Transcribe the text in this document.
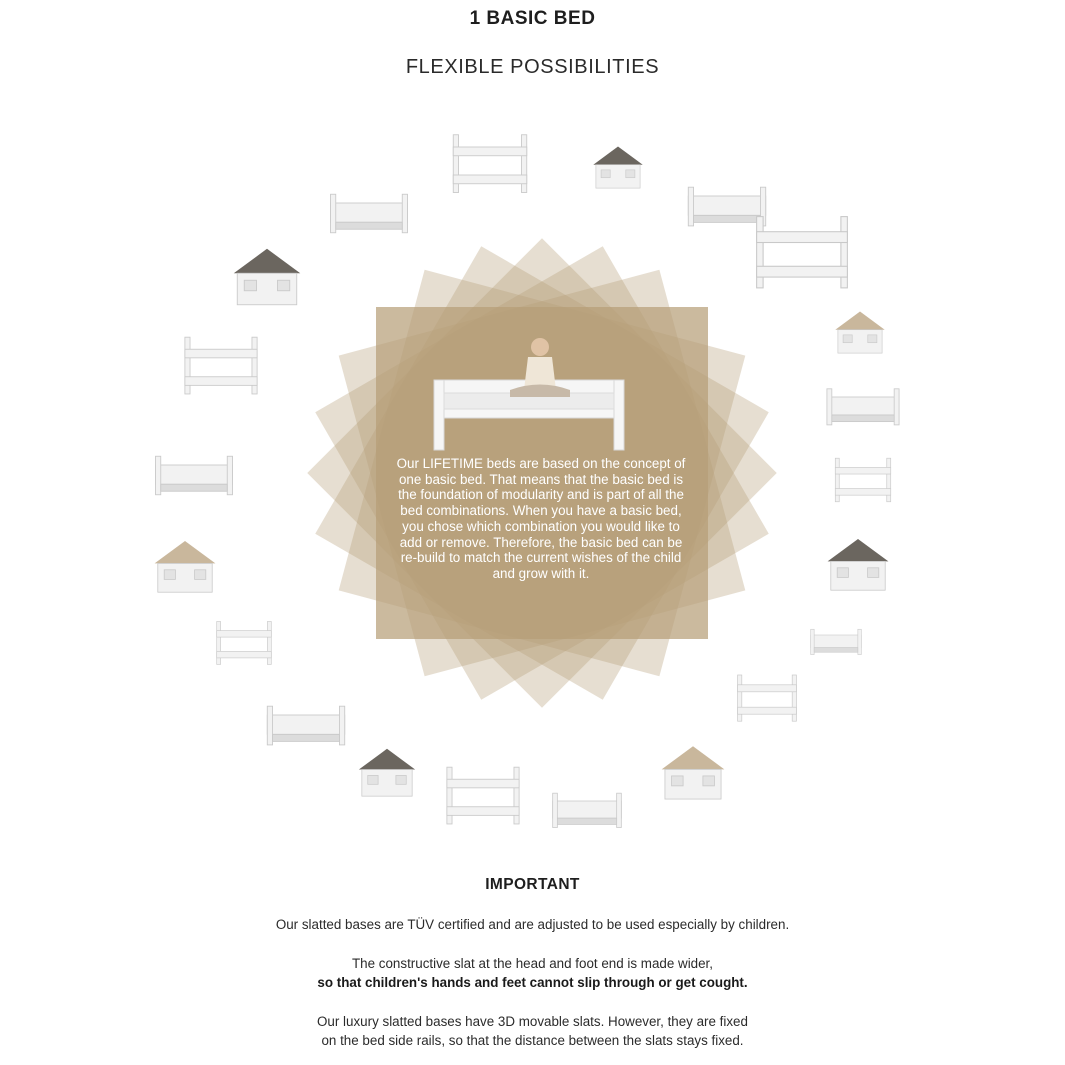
1 BASIC BED
FLEXIBLE POSSIBILITIES
Our LIFETIME beds are based on the concept of one basic bed. That means that the basic bed is the foundation of modularity and is part of all the bed combinations. When you have a basic bed, you chose which combination you would like to add or remove. Therefore, the basic bed can be re-build to match the current wishes of the child and grow with it.
IMPORTANT
Our slatted bases are TÜV certified and are adjusted to be used especially by children.
The constructive slat at the head and foot end is made wider,
so that children's hands and feet cannot slip through or get cought.
Our luxury slatted bases have 3D movable slats. However, they are fixed
on the bed side rails, so that the distance between the slats stays fixed.
